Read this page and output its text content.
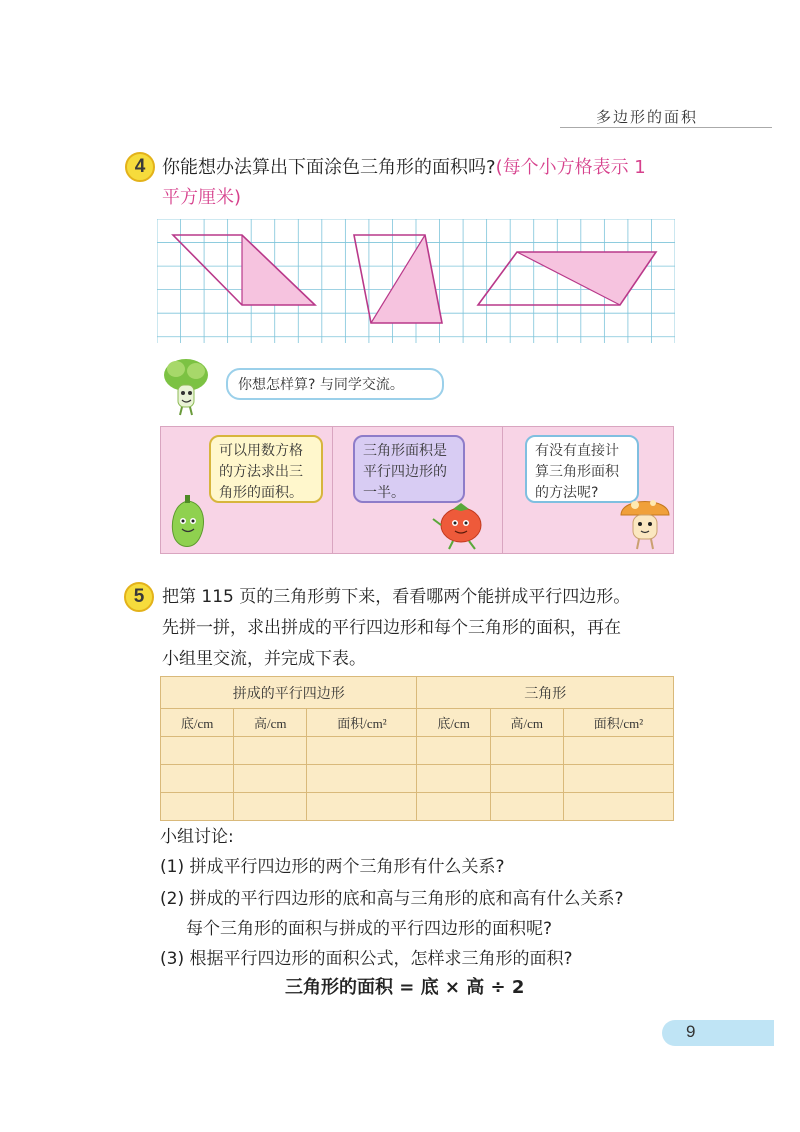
多边形的面积
4 你能想办法算出下面涂色三角形的面积吗?(每个小方格表示 1
平方厘米)
你想怎样算? 与同学交流。
可以用数方格
的方法求出三
角形的面积。
三角形面积是
平行四边形的
一半。
有没有直接计
算三角形面积
的方法呢?
5	把第 115 页的三角形剪下来，看看哪两个能拼成平行四边形。
先拼一拼，求出拼成的平行四边形和每个三角形的面积，再在
小组里交流，并完成下表。
拼成的平行四边形			三角形		
底/cm	高/cm	面积/cm²	底/cm	高/cm	面积/cm²

小组讨论:
(1) 拼成平行四边形的两个三角形有什么关系?
(2) 拼成的平行四边形的底和高与三角形的底和高有什么关系?
每个三角形的面积与拼成的平行四边形的面积呢?
(3) 根据平行四边形的面积公式，怎样求三角形的面积?
三角形的面积 = 底 × 高 ÷ 2
9
